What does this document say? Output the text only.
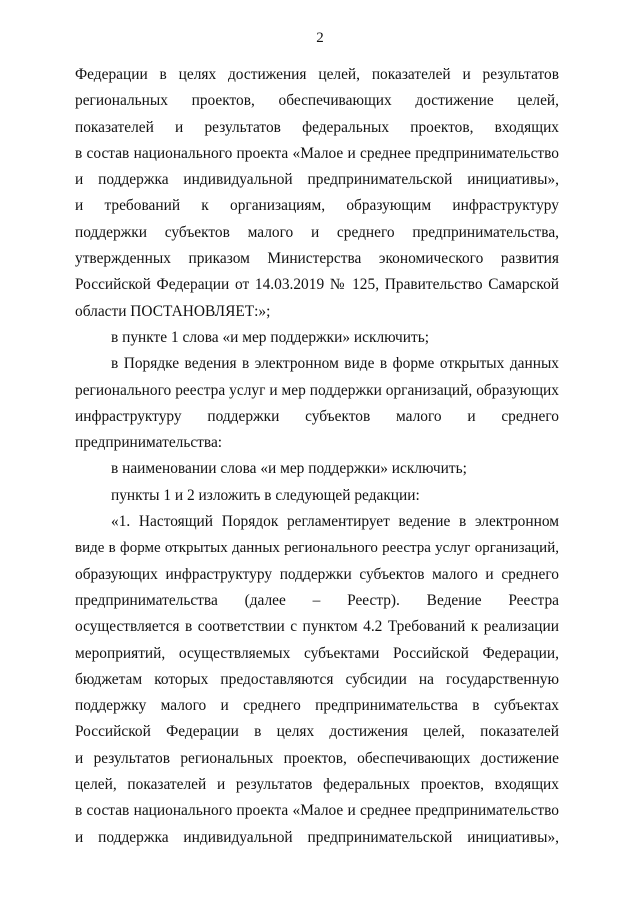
2
Федерации в целях достижения целей, показателей и результатов
региональных проектов, обеспечивающих достижение целей,
показателей и результатов федеральных проектов, входящих
в состав национального проекта «Малое и среднее предпринимательство
и поддержка индивидуальной предпринимательской инициативы»,
и требований к организациям, образующим инфраструктуру
поддержки субъектов малого и среднего предпринимательства,
утвержденных приказом Министерства экономического развития
Российской Федерации от 14.03.2019 № 125, Правительство Самарской
области ПОСТАНОВЛЯЕТ:»;
в пункте 1 слова «и мер поддержки» исключить;
в Порядке ведения в электронном виде в форме открытых данных
регионального реестра услуг и мер поддержки организаций, образующих
инфраструктуру поддержки субъектов малого и среднего
предпринимательства:
в наименовании слова «и мер поддержки» исключить;
пункты 1 и 2 изложить в следующей редакции:
«1. Настоящий Порядок регламентирует ведение в электронном
виде в форме открытых данных регионального реестра услуг организаций,
образующих инфраструктуру поддержки субъектов малого и среднего
предпринимательства (далее – Реестр). Ведение Реестра
осуществляется в соответствии с пунктом 4.2 Требований к реализации
мероприятий, осуществляемых субъектами Российской Федерации,
бюджетам которых предоставляются субсидии на государственную
поддержку малого и среднего предпринимательства в субъектах
Российской Федерации в целях достижения целей, показателей
и результатов региональных проектов, обеспечивающих достижение
целей, показателей и результатов федеральных проектов, входящих
в состав национального проекта «Малое и среднее предпринимательство
и поддержка индивидуальной предпринимательской инициативы»,
